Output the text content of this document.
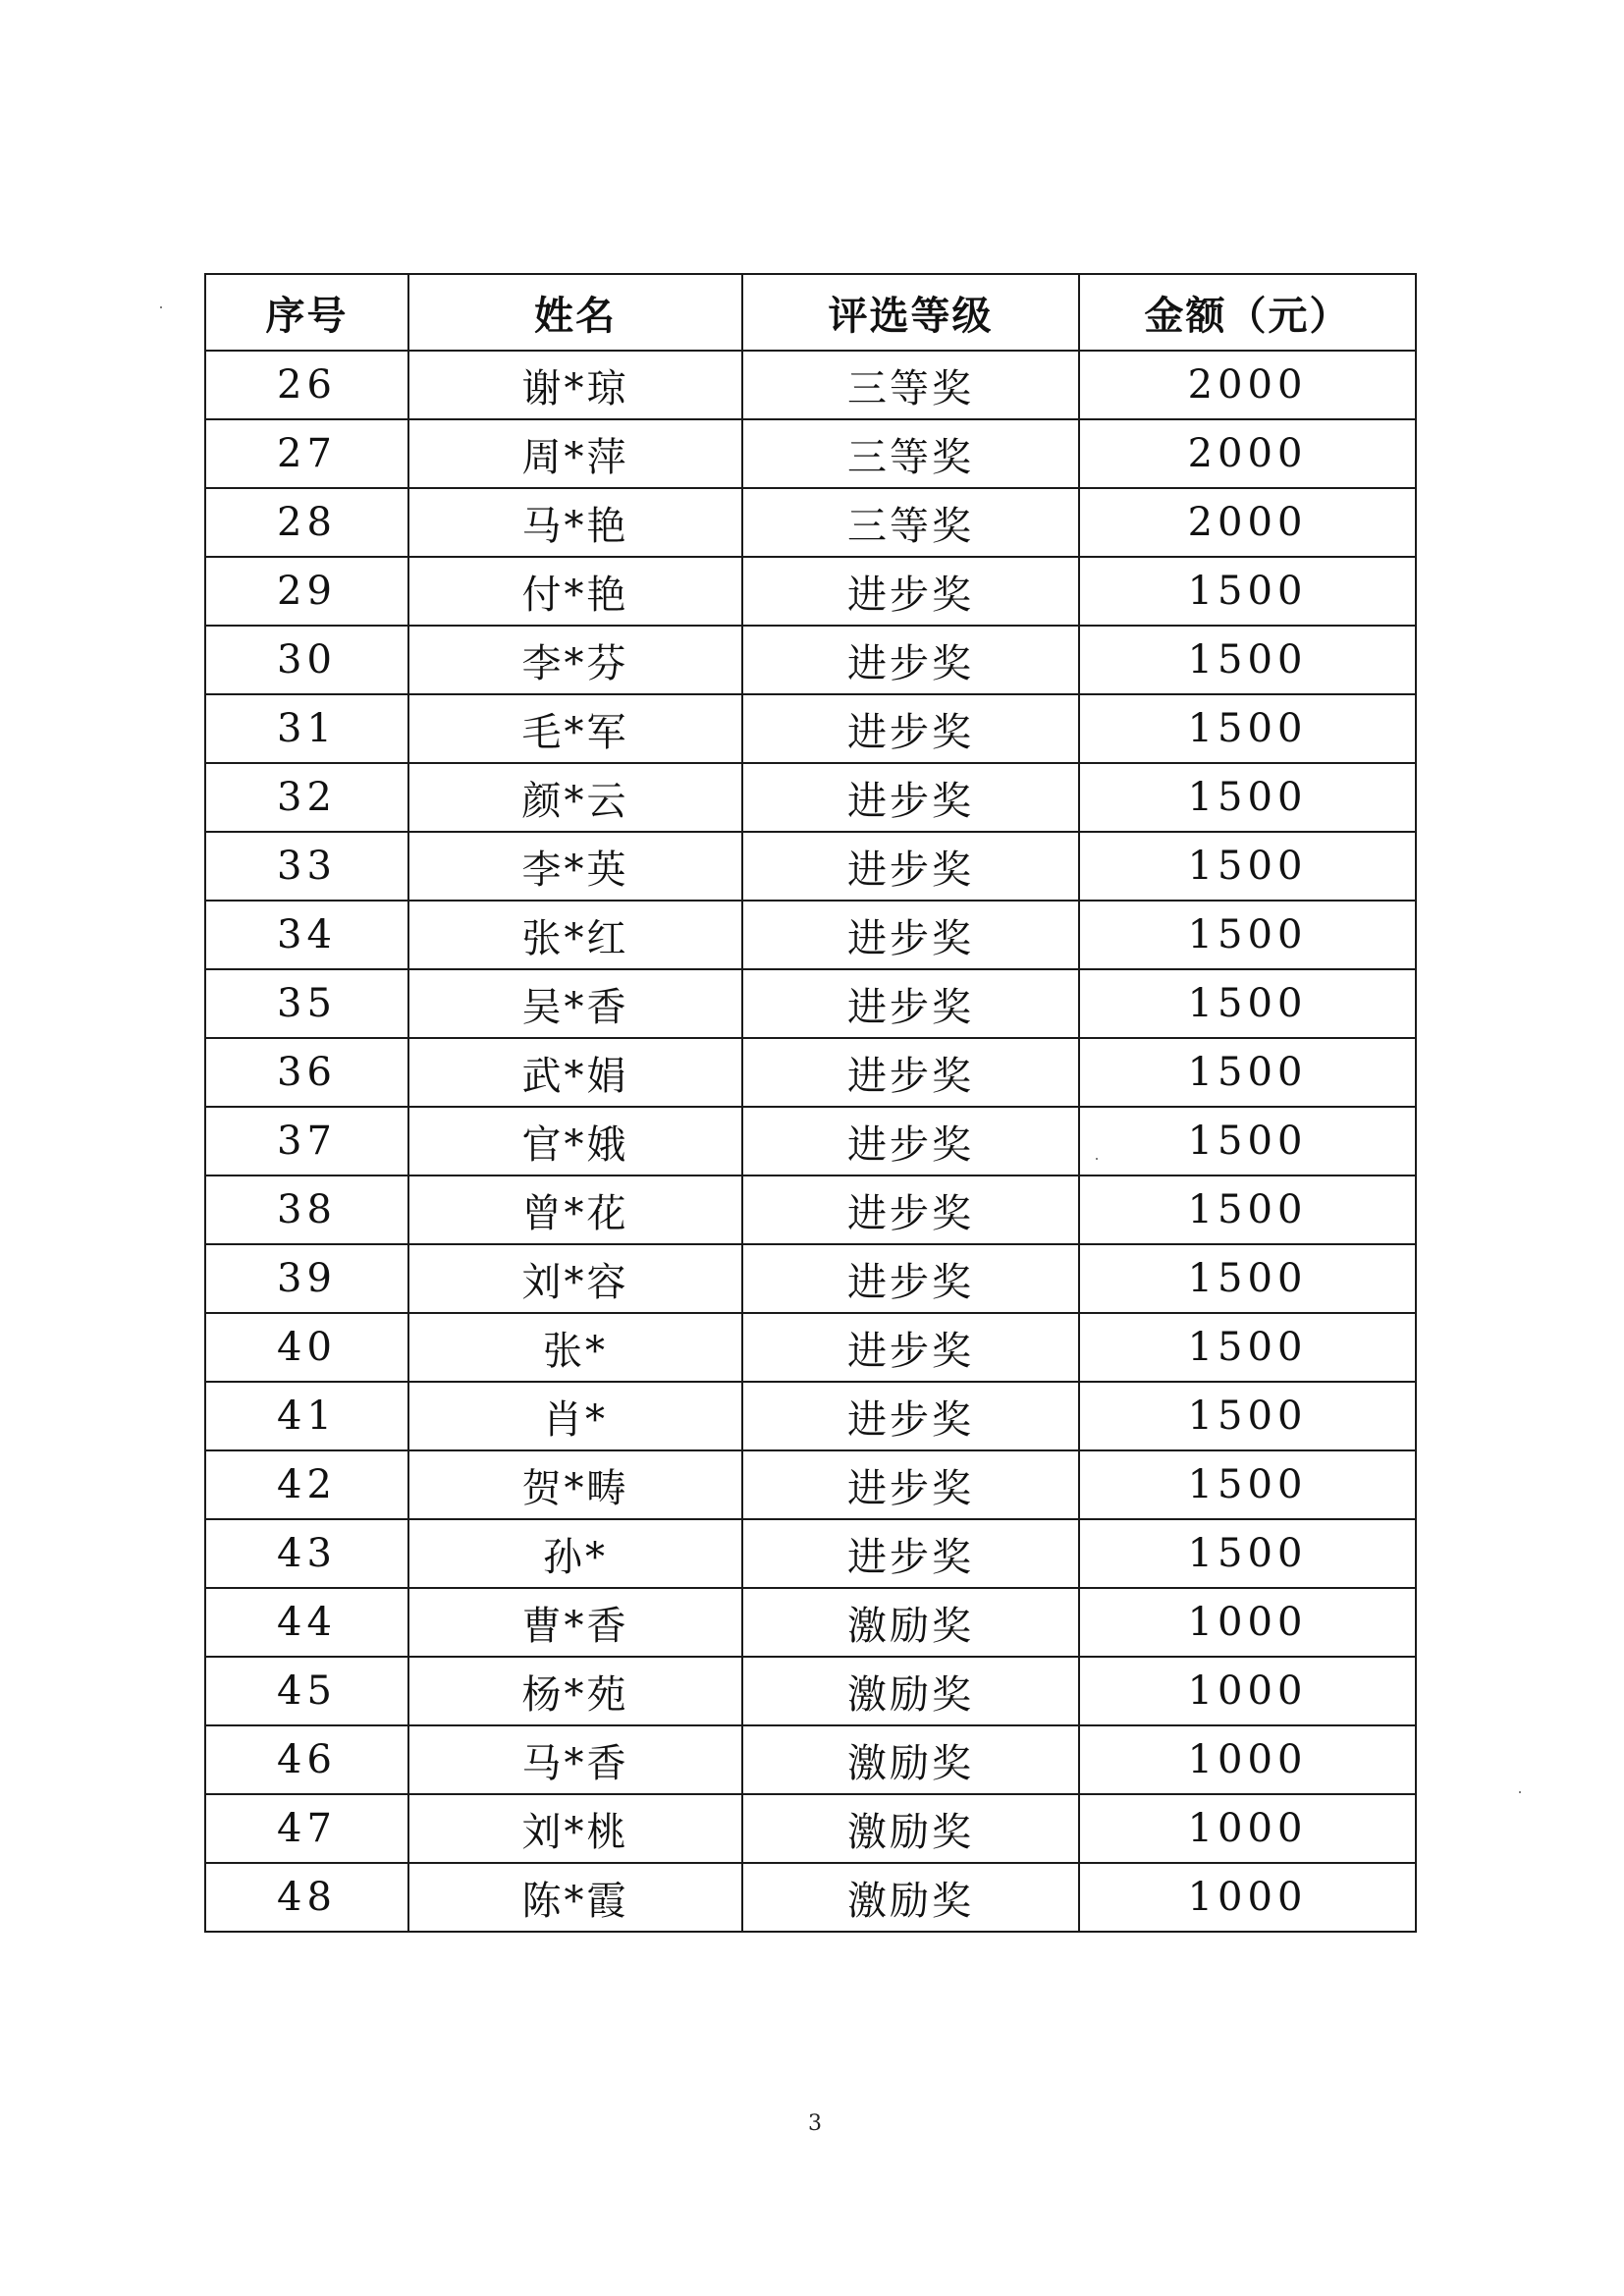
序号	姓名	评选等级	金额（元）
26	谢*琼	三等奖	2000
27	周*萍	三等奖	2000
28	马*艳	三等奖	2000
29	付*艳	进步奖	1500
30	李*芬	进步奖	1500
31	毛*军	进步奖	1500
32	颜*云	进步奖	1500
33	李*英	进步奖	1500
34	张*红	进步奖	1500
35	吴*香	进步奖	1500
36	武*娟	进步奖	1500
37	官*娥	进步奖	1500
38	曾*花	进步奖	1500
39	刘*容	进步奖	1500
40	张*	进步奖	1500
41	肖*	进步奖	1500
42	贺*畴	进步奖	1500
43	孙*	进步奖	1500
44	曹*香	激励奖	1000
45	杨*苑	激励奖	1000
46	马*香	激励奖	1000
47	刘*桃	激励奖	1000
48	陈*霞	激励奖	1000
3
